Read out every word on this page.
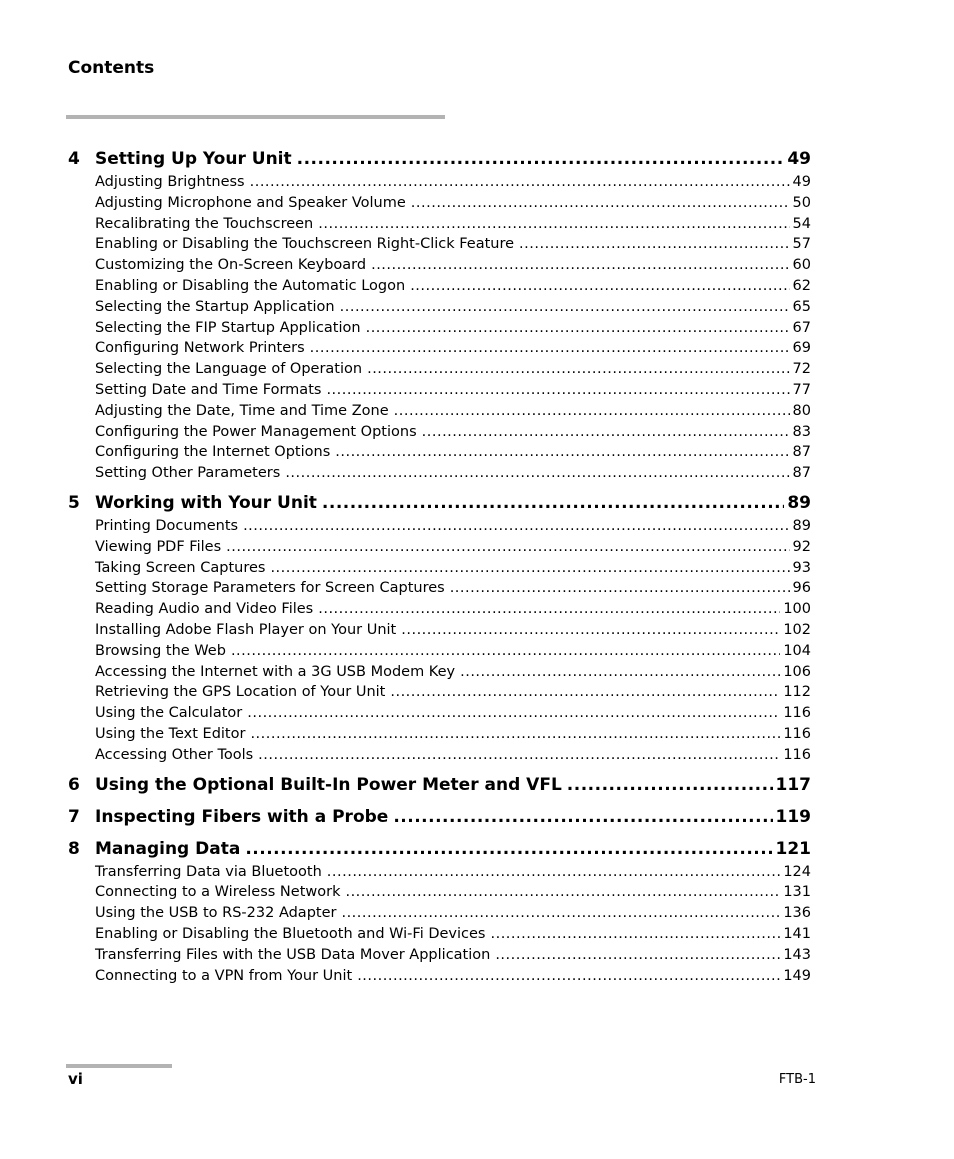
Contents
4 Setting Up Your Unit .....	49
Adjusting Brightness .....	49
Adjusting Microphone and Speaker Volume .....	50
Recalibrating the Touchscreen .....	54
Enabling or Disabling the Touchscreen Right-Click Feature .....	57
Customizing the On-Screen Keyboard .....	60
Enabling or Disabling the Automatic Logon .....	62
Selecting the Startup Application .....	65
Selecting the FIP Startup Application .....	67
Configuring Network Printers .....	69
Selecting the Language of Operation .....	72
Setting Date and Time Formats .....	77
Adjusting the Date, Time and Time Zone .....	80
Configuring the Power Management Options .....	83
Configuring the Internet Options .....	87
Setting Other Parameters .....	87
5 Working with Your Unit .....	89
Printing Documents .....	89
Viewing PDF Files .....	92
Taking Screen Captures .....	93
Setting Storage Parameters for Screen Captures .....	96
Reading Audio and Video Files .....	100
Installing Adobe Flash Player on Your Unit .....	102
Browsing the Web .....	104
Accessing the Internet with a 3G USB Modem Key .....	106
Retrieving the GPS Location of Your Unit .....	112
Using the Calculator .....	116
Using the Text Editor .....	116
Accessing Other Tools .....	116
6 Using the Optional Built-In Power Meter and VFL .....	117
7 Inspecting Fibers with a Probe .....	119
8 Managing Data .....	121
Transferring Data via Bluetooth .....	124
Connecting to a Wireless Network .....	131
Using the USB to RS-232 Adapter .....	136
Enabling or Disabling the Bluetooth and Wi-Fi Devices .....	141
Transferring Files with the USB Data Mover Application .....	143
Connecting to a VPN from Your Unit .....	149
vi	FTB-1
